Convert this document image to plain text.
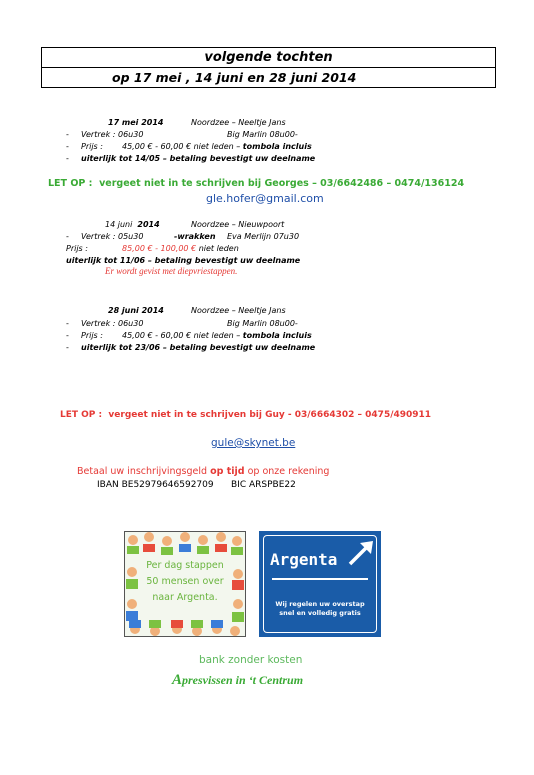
volgende tochten
op 17 mei , 14 juni en 28 juni 2014
17 mei 2014	Noordzee – Neeltje Jans
- Vertrek : 06u30	Big Marlin 08u00-
- Prijs : 45,00 € - 60,00 € niet leden – tombola incluis
- uiterlijk tot 14/05 – betaling bevestigt uw deelname
LET OP : vergeet niet in te schrijven bij Georges – 03/6642486 – 0474/136124
gle.hofer@gmail.com
14 juni 2014	Noordzee – Nieuwpoort
- Vertrek : 05u30	-wrakken Eva Merlijn 07u30
Prijs :	85,00 € - 100,00 € niet leden
uiterlijk tot 11/06 – betaling bevestigt uw deelname
Er wordt gevist met diepvriestappen.
28 juni 2014	Noordzee – Neeltje Jans
- Vertrek : 06u30	Big Marlin 08u00-
- Prijs : 45,00 € - 60,00 € niet leden – tombola incluis
- uiterlijk tot 23/06 – betaling bevestigt uw deelname
LET OP : vergeet niet in te schrijven bij Guy - 03/6664302 – 0475/490911
gule@skynet.be
Betaal uw inschrijvingsgeld op tijd op onze rekening
IBAN BE52979646592709 BIC ARSPBE22
Per dag stappen
50 mensen over
naar Argenta.
Argenta
Wij regelen uw overstap
snel en volledig gratis
bank zonder kosten
Apresvissen in ‘t Centrum
